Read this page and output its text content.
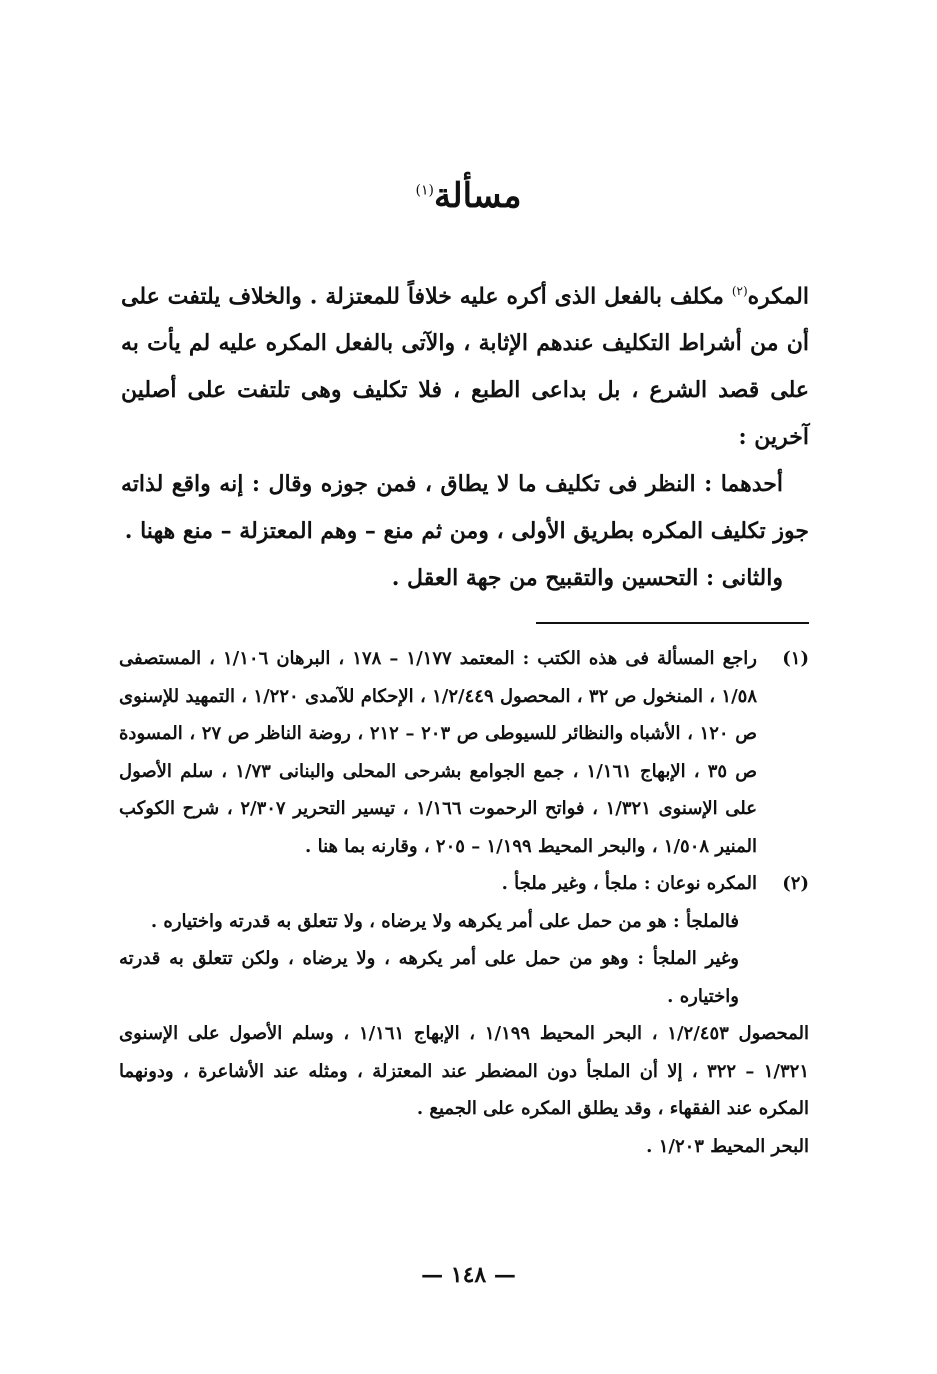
مسألة$^{(١)}$

المكره$^{(٢)}$ مكلف بالفعل الذى أكره عليه خلافاً للمعتزلة . والخلاف يلتفت على أن من أشراط التكليف عندهم الإثابة ، والآتى بالفعل المكره عليه لم يأت به على قصد الشرع ، بل بداعى الطبع ، فلا تكليف وهى تلتفت على أصلين آخرين :

أحدهما : النظر فى تكليف ما لا يطاق ، فمن جوزه وقال : إنه واقع لذاته جوز تكليف المكره بطريق الأولى ، ومن ثم منع – وهم المعتزلة – منع ههنا .

والثانى : التحسين والتقبيح من جهة العقل .

(١)
راجع المسألة فى هذه الكتب : المعتمد ١/١٧٧ – ١٧٨ ، البرهان ١/١٠٦ ، المستصفى ١/٥٨ ، المنخول ص ٣٢ ، المحصول ١/٢/٤٤٩ ، الإحكام للآمدى ١/٢٢٠ ، التمهيد للإسنوى ص ١٢٠ ، الأشباه والنظائر للسيوطى ص ٢٠٣ – ٢١٢ ، روضة الناظر ص ٢٧ ، المسودة ص ٣٥ ، الإبهاج ١/١٦١ ، جمع الجوامع بشرحى المحلى والبنانى ١/٧٣ ، سلم الأصول على الإسنوى ١/٣٢١ ، فواتح الرحموت ١/١٦٦ ، تيسير التحرير ٢/٣٠٧ ، شرح الكوكب المنير ١/٥٠٨ ، والبحر المحيط ١/١٩٩ – ٢٠٥ ، وقارنه بما هنا .
(٢)
المكره نوعان : ملجأ ، وغير ملجأ .
فالملجأ : هو من حمل على أمر يكرهه ولا يرضاه ، ولا تتعلق به قدرته واختياره .
وغير الملجأ : وهو من حمل على أمر يكرهه ، ولا يرضاه ، ولكن تتعلق به قدرته واختياره .

المحصول ١/٢/٤٥٣ ، البحر المحيط ١/١٩٩ ، الإبهاج ١/١٦١ ، وسلم الأصول على الإسنوى ١/٣٢١ – ٣٢٢ ، إلا أن الملجأ دون المضطر عند المعتزلة ، ومثله عند الأشاعرة ، ودونهما المكره عند الفقهاء ، وقد يطلق المكره على الجميع .

البحر المحيط ١/٢٠٣ .

— ١٤٨ —
